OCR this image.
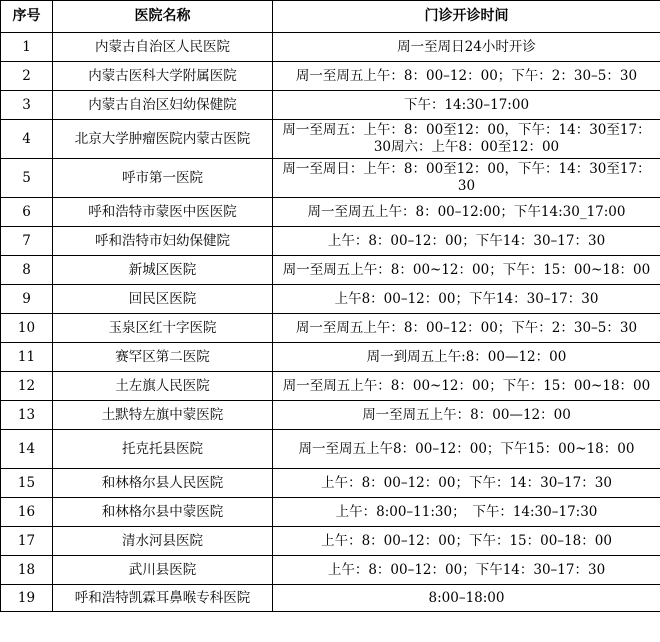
序号	医院名称	门诊开诊时间
1	内蒙古自治区人民医院	周一至周日24小时开诊
2	内蒙古医科大学附属医院	周一至周五上午：8：00–12：00；下午：2：30–5：30
3	内蒙古自治区妇幼保健院	下午：14:30–17:00
4	北京大学肿瘤医院内蒙古医院	周一至周五：上午：8：00至12：00，下午：14：30至17：30周六：上午8：00至12：00
5	呼市第一医院	周一至周日：上午：8：00至12：00，下午：14：30至17：30
6	呼和浩特市蒙医中医医院	周一至周五上午：8：00–12:00；下午14:30_17:00
7	呼和浩特市妇幼保健院	上午：8：00–12：00；下午14：30–17：30
8	新城区医院	周一至周五上午：8：00~12：00；下午：15：00~18：00
9	回民区医院	上午8：00–12：00；下午14：30–17：30
10	玉泉区红十字医院	周一至周五上午：8：00–12：00；下午：2：30–5：30
11	赛罕区第二医院	周一到周五上午:8：00—12：00
12	土左旗人民医院	周一至周五上午：8：00~12：00；下午：15：00~18：00
13	土默特左旗中蒙医院	周一至周五上午：8：00—12：00
14	托克托县医院	周一至周五上午8：00–12：00；下午15：00~18：00
15	和林格尔县人民医院	上午：8：00–12：00；下午：14：30–17：30
16	和林格尔县中蒙医院	上午：8:00–11:30；　下午：14:30–17:30
17	清水河县医院	上午：8：00–12：00；下午：15：00–18：00
18	武川县医院	上午：8：00–12：00；下午14：30–17：30
19	呼和浩特凯霖耳鼻喉专科医院	8:00–18:00
